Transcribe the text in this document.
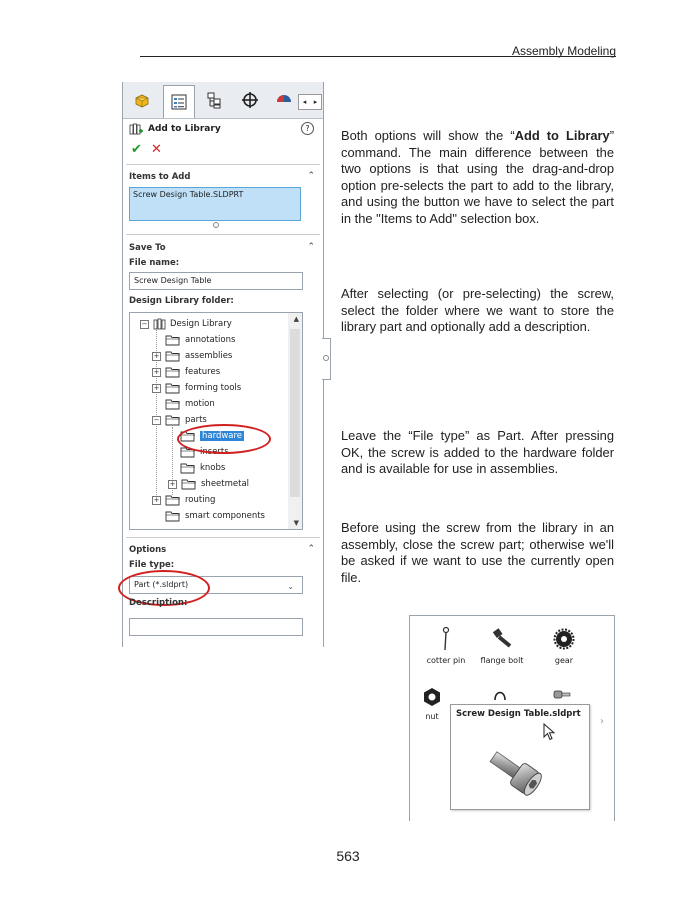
Assembly Modeling
◂ ▸
Add to Library	?
✔ ✕
Items to Add	⌃
Screw Design Table.SLDPRT
Save To	⌃
File name:
Screw Design Table
Design Library folder:
▲
▼
−	Design Library
annotations
+	assemblies
+	features
+	forming tools
motion
−	parts
hardware
inserts
knobs
+	sheetmetal
+	routing
smart components
Options	⌃
File type:
Part (*.sldprt)	⌄
Description:

Both options will show the “Add to Library” command. The main difference between the two options is that using the drag-and-drop option pre-selects the part to add to the library, and using the button we have to select the part in the "Items to Add" selection box.

After selecting (or pre-selecting) the screw, select the folder where we want to store the library part and optionally add a description.

Leave the “File type” as Part. After pressing OK, the screw is added to the hardware folder and is available for use in assemblies.

Before using the screw from the library in an assembly, close the screw part; otherwise we'll be asked if we want to use the currently open file.

cotter pin	flange bolt	gear
nut	›
Screw Design Table.sldprt
563
